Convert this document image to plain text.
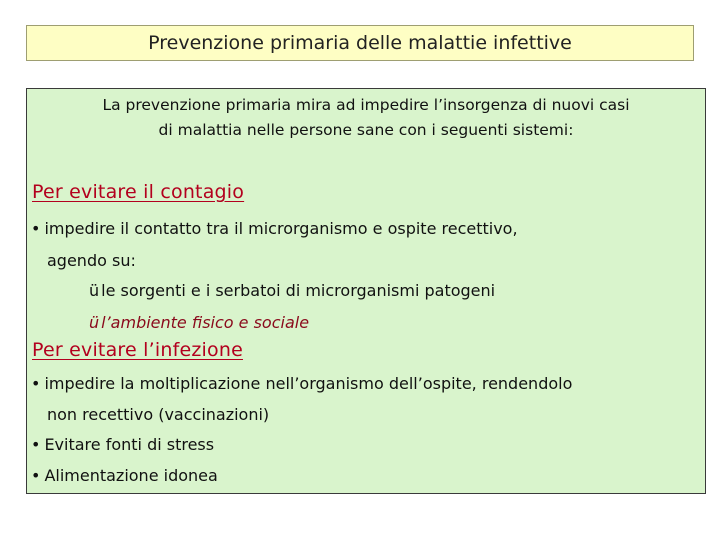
Prevenzione primaria delle malattie infettive
La prevenzione primaria mira ad impedire l’insorgenza di nuovi casi
di malattia nelle persone sane con i seguenti sistemi:
Per evitare il contagio
• impedire il contatto tra il microrganismo e ospite recettivo,
agendo su:
ü le sorgenti e i serbatoi di microrganismi patogeni
ü l’ambiente fisico e sociale
Per evitare l’infezione
• impedire la moltiplicazione nell’organismo dell’ospite, rendendolo
non recettivo (vaccinazioni)
• Evitare fonti di stress
• Alimentazione idonea
